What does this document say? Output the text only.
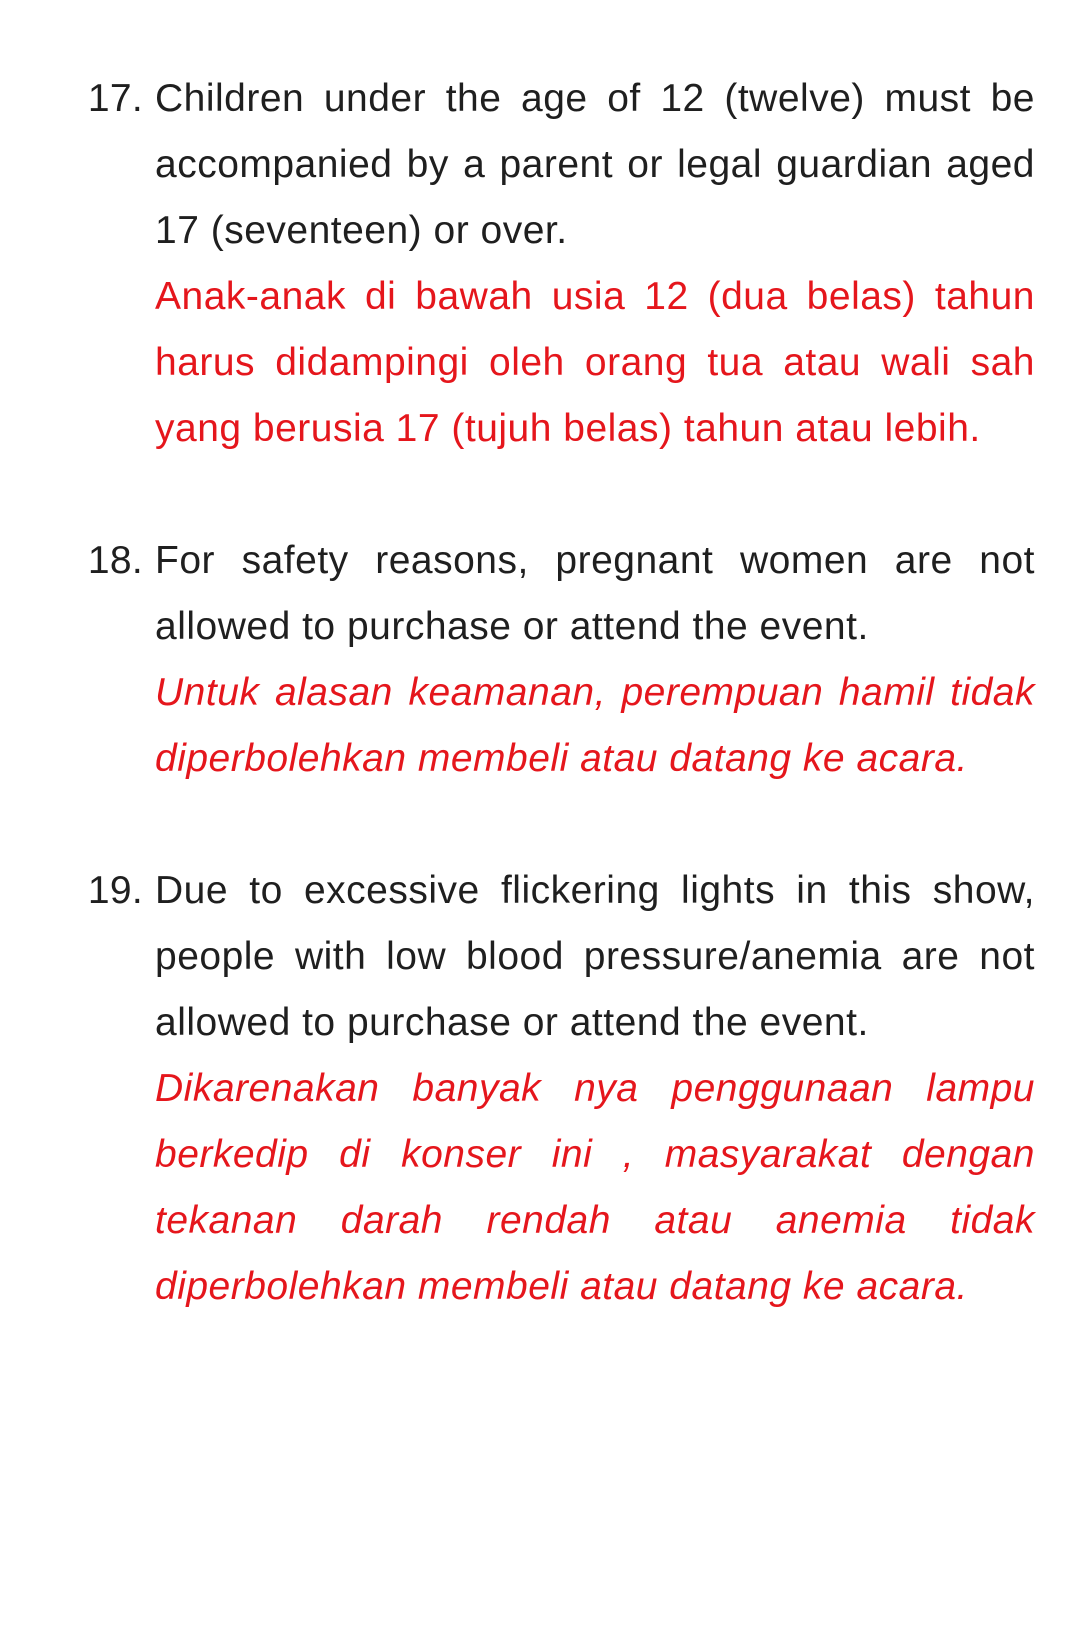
17. Children under the age of 12 (twelve) must be accompanied by a parent or legal guardian aged 17 (seventeen) or over.
Anak-anak di bawah usia 12 (dua belas) tahun harus didampingi oleh orang tua atau wali sah yang berusia 17 (tujuh belas) tahun atau lebih.
18. For safety reasons, pregnant women are not allowed to purchase or attend the event.
Untuk alasan keamanan, perempuan hamil tidak diperbolehkan membeli atau datang ke acara.
19. Due to excessive flickering lights in this show, people with low blood pressure/anemia are not allowed to purchase or attend the event.
Dikarenakan banyak nya penggunaan lampu berkedip di konser ini , masyarakat dengan tekanan darah rendah atau anemia tidak diperbolehkan membeli atau datang ke acara.
